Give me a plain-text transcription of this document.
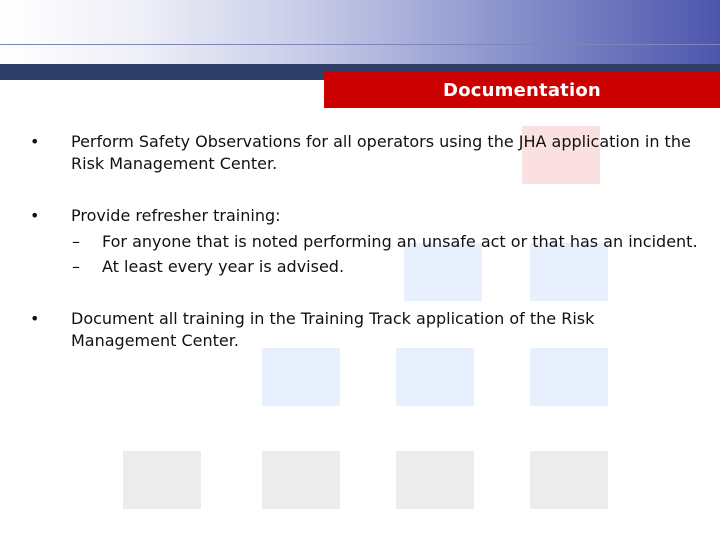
Documentation
•	Perform Safety Observations for all operators using the JHA application in the Risk Management Center.
•	Provide refresher training:
– For anyone that is noted performing an unsafe act or that has an incident.
– At least every year is advised.
•	Document all training in the Training Track application of the Risk Management Center.
